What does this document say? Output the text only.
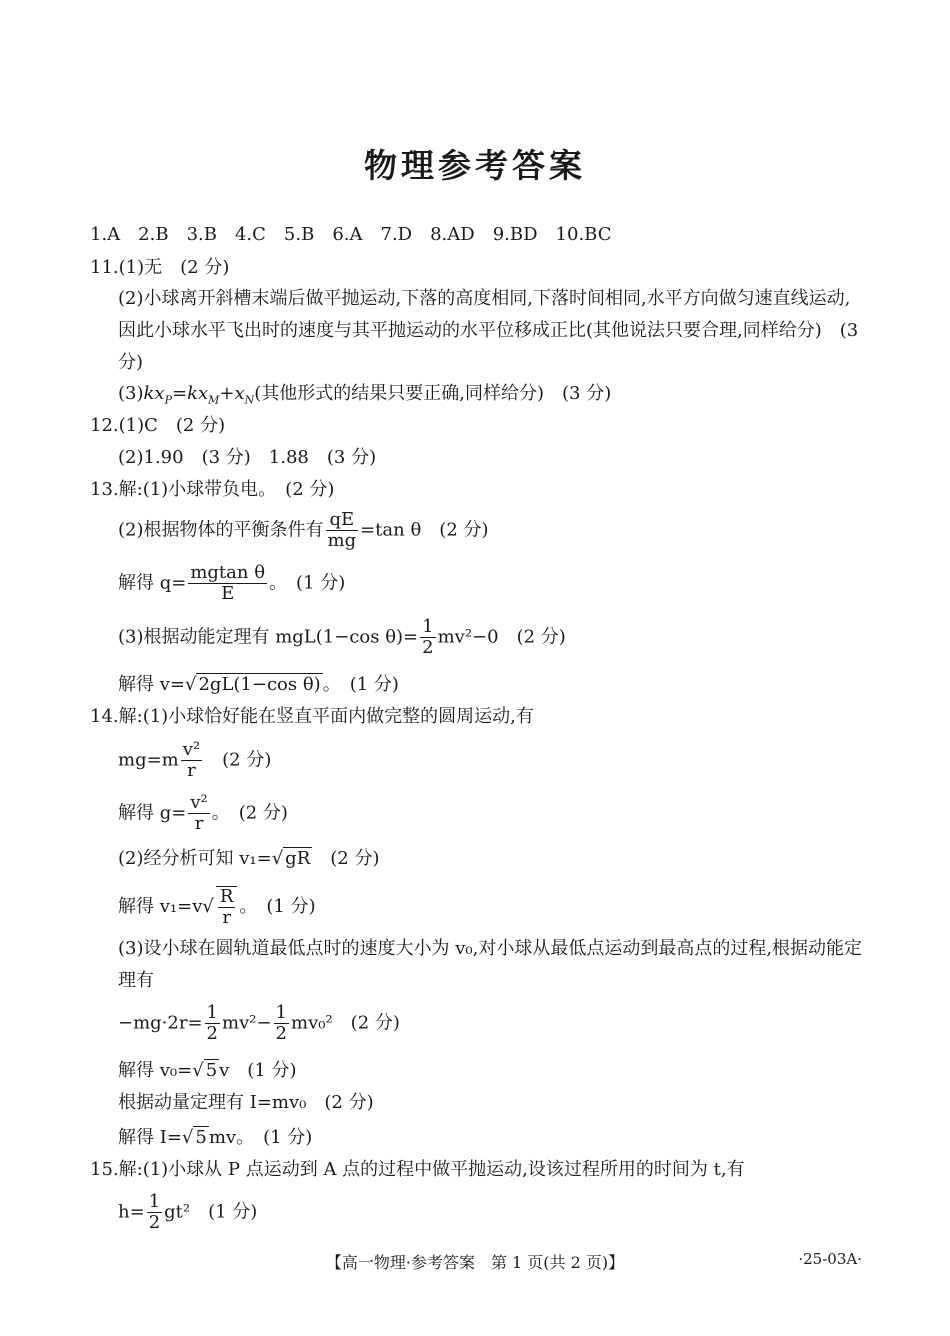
物理参考答案
1.A　2.B　3.B　4.C　5.B　6.A　7.D　8.AD　9.BD　10.BC
11.(1)无　(2 分)
(2)小球离开斜槽末端后做平抛运动,下落的高度相同,下落时间相同,水平方向做匀速直线运动,因此小球水平飞出时的速度与其平抛运动的水平位移成正比(其他说法只要合理,同样给分)　(3 分)
$(3)kx_P=kx_M+x_N$(其他形式的结果只要正确,同样给分)　(3 分)
12.(1)C　(2 分)
(2)1.90　(3 分)　1.88　(3 分)
13.解:(1)小球带负电。　(2 分)
(2)根据物体的平衡条件有 $\frac{qE}{mg} =\tan$ θ　(2 分)
解得 $q= \frac{\text{mgtan θ}}{E}$ 。　(1 分)
(3)根据动能定理有 mgL(1−cos $\theta)= \frac{1}{2} mv^2-0$　(2 分)
解得 v=√ 2gL(1−cos θ) 。　(1 分)
14.解:(1)小球恰好能在竖直平面内做完整的圆周运动,有
$mg=m \frac{\text{v²}}{r}$ 　(2 分)
解得 $g= \frac{\text{v²}}{r}$ 。　(2 分)
(2)经分析可知 v₁=√ gR　(2 分)
解得 $v_1=v√ \frac{R}{r}$ 。　(1 分)
(3)设小球在圆轨道最低点时的速度大小为 v₀,对小球从最低点运动到最高点的过程,根据动能定理有
$-mg\cdot 2r= \frac{1}{2} mv^2- \frac{1}{2} mv_0^2$　(2 分)
解得 v₀=√ 5 v　(1 分)
根据动量定理有 I=mv₀　(2 分)
解得 I=√ 5 mv。　(1 分)
15.解:(1)小球从 P 点运动到 A 点的过程中做平抛运动,设该过程所用的时间为 t,有
$h= \frac{1}{2} gt^2$　(1 分)
【高一物理·参考答案　第 1 页(共 2 页)】	·25-03A·
